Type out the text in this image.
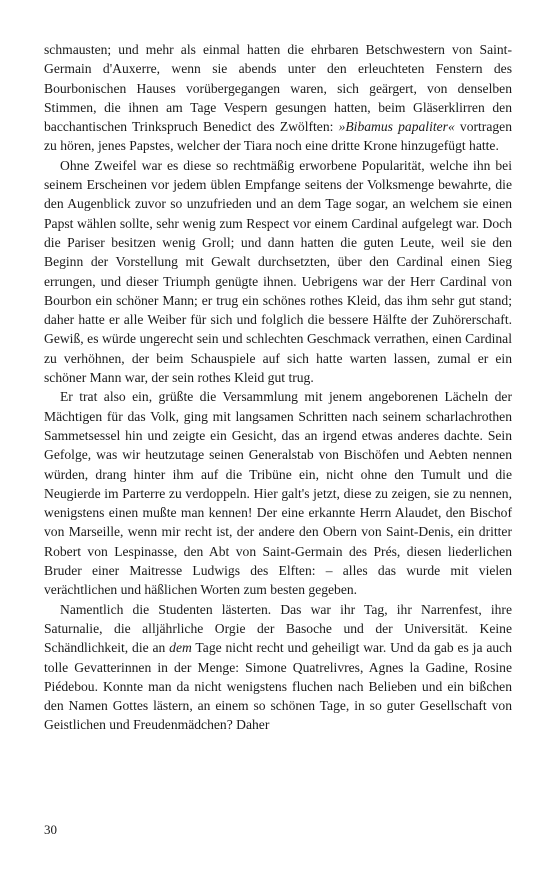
schmausten; und mehr als einmal hatten die ehrbaren Betschwestern von Saint-Germain d'Auxerre, wenn sie abends unter den erleuchteten Fenstern des Bourbonischen Hauses vorübergegangen waren, sich geärgert, von denselben Stimmen, die ihnen am Tage Vespern gesungen hatten, beim Gläserklirren den bacchantischen Trinkspruch Benedict des Zwölften: »Bibamus papaliter« vortragen zu hören, jenes Papstes, welcher der Tiara noch eine dritte Krone hinzugefügt hatte.

Ohne Zweifel war es diese so rechtmäßig erworbene Popularität, welche ihn bei seinem Erscheinen vor jedem üblen Empfange seitens der Volksmenge bewahrte, die den Augenblick zuvor so unzufrieden und an dem Tage sogar, an welchem sie einen Papst wählen sollte, sehr wenig zum Respect vor einem Cardinal aufgelegt war. Doch die Pariser besitzen wenig Groll; und dann hatten die guten Leute, weil sie den Beginn der Vorstellung mit Gewalt durchsetzten, über den Cardinal einen Sieg errungen, und dieser Triumph genügte ihnen. Uebrigens war der Herr Cardinal von Bourbon ein schöner Mann; er trug ein schönes rothes Kleid, das ihm sehr gut stand; daher hatte er alle Weiber für sich und folglich die bessere Hälfte der Zuhörerschaft. Gewiß, es würde ungerecht sein und schlechten Geschmack verrathen, einen Cardinal zu verhöhnen, der beim Schauspiele auf sich hatte warten lassen, zumal er ein schöner Mann war, der sein rothes Kleid gut trug.

Er trat also ein, grüßte die Versammlung mit jenem angeborenen Lächeln der Mächtigen für das Volk, ging mit langsamen Schritten nach seinem scharlachrothen Sammetsessel hin und zeigte ein Gesicht, das an irgend etwas anderes dachte. Sein Gefolge, was wir heutzutage seinen Generalstab von Bischöfen und Aebten nennen würden, drang hinter ihm auf die Tribüne ein, nicht ohne den Tumult und die Neugierde im Parterre zu verdoppeln. Hier galt's jetzt, diese zu zeigen, sie zu nennen, wenigstens einen mußte man kennen! Der eine erkannte Herrn Alaudet, den Bischof von Marseille, wenn mir recht ist, der andere den Obern von Saint-Denis, ein dritter Robert von Lespinasse, den Abt von Saint-Germain des Prés, diesen liederlichen Bruder einer Maitresse Ludwigs des Elften: – alles das wurde mit vielen verächtlichen und häßlichen Worten zum besten gegeben.

Namentlich die Studenten lästerten. Das war ihr Tag, ihr Narrenfest, ihre Saturnalie, die alljährliche Orgie der Basoche und der Universität. Keine Schändlichkeit, die an dem Tage nicht recht und geheiligt war. Und da gab es ja auch tolle Gevatterinnen in der Menge: Simone Quatrelivres, Agnes la Gadine, Rosine Piédebou. Konnte man da nicht wenigstens fluchen nach Belieben und ein bißchen den Namen Gottes lästern, an einem so schönen Tage, in so guter Gesellschaft von Geistlichen und Freudenmädchen? Daher

30
